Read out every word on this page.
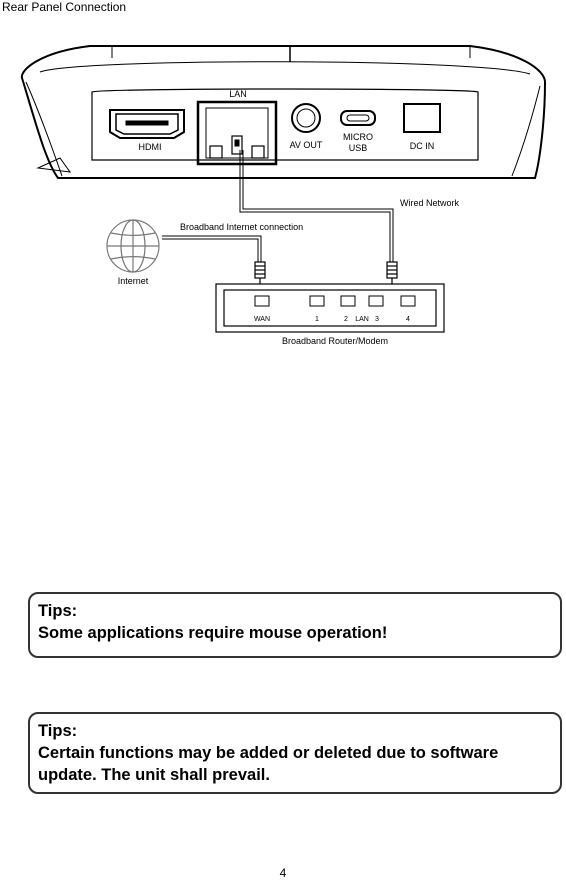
Rear Panel Connection
HDMI
LAN
AV OUT
MICRO
USB	DC IN
Wired Network
Broadband Internet connection
Internet
WAN	1	2 LAN 3	4
Broadband Router/Modem
Tips:
Some applications require mouse operation!
Tips:
Certain functions may be added or deleted due to software update. The unit shall prevail.
4
